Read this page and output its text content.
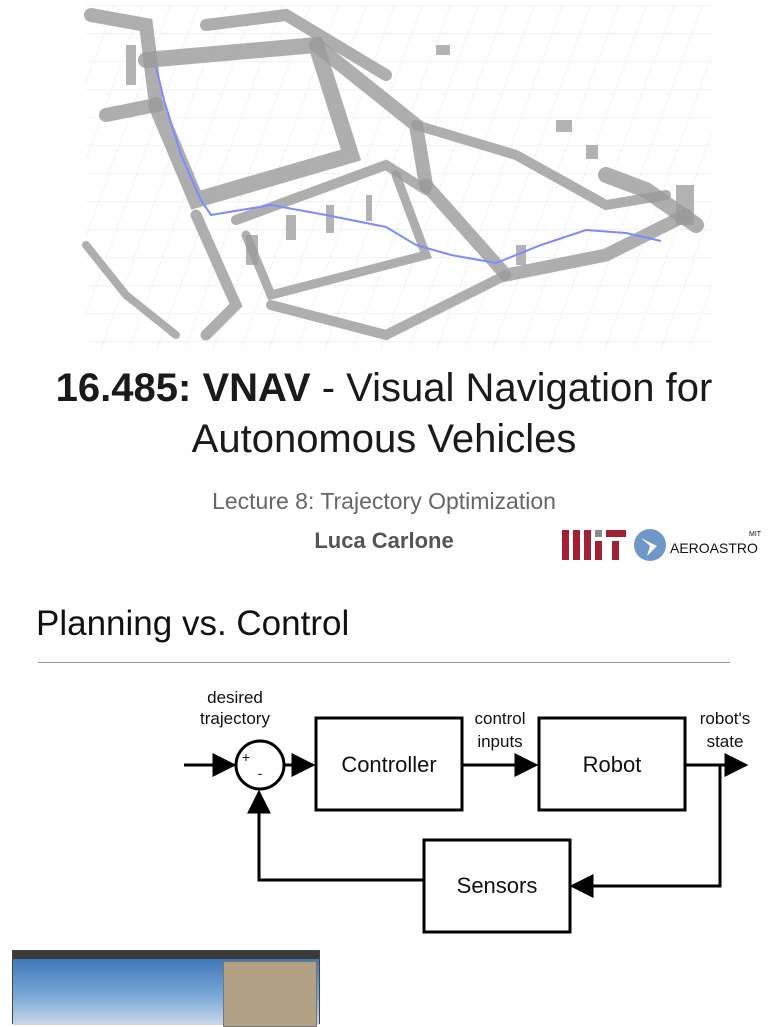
16.485: VNAV - Visual Navigation for
Autonomous Vehicles
Lecture 8: Trajectory Optimization
Luca Carlone	MIT
AEROASTRO
Planning vs. Control
desired
trajectory
+
-	Controller
control
inputs
Robot
robot's
state
Sensors
